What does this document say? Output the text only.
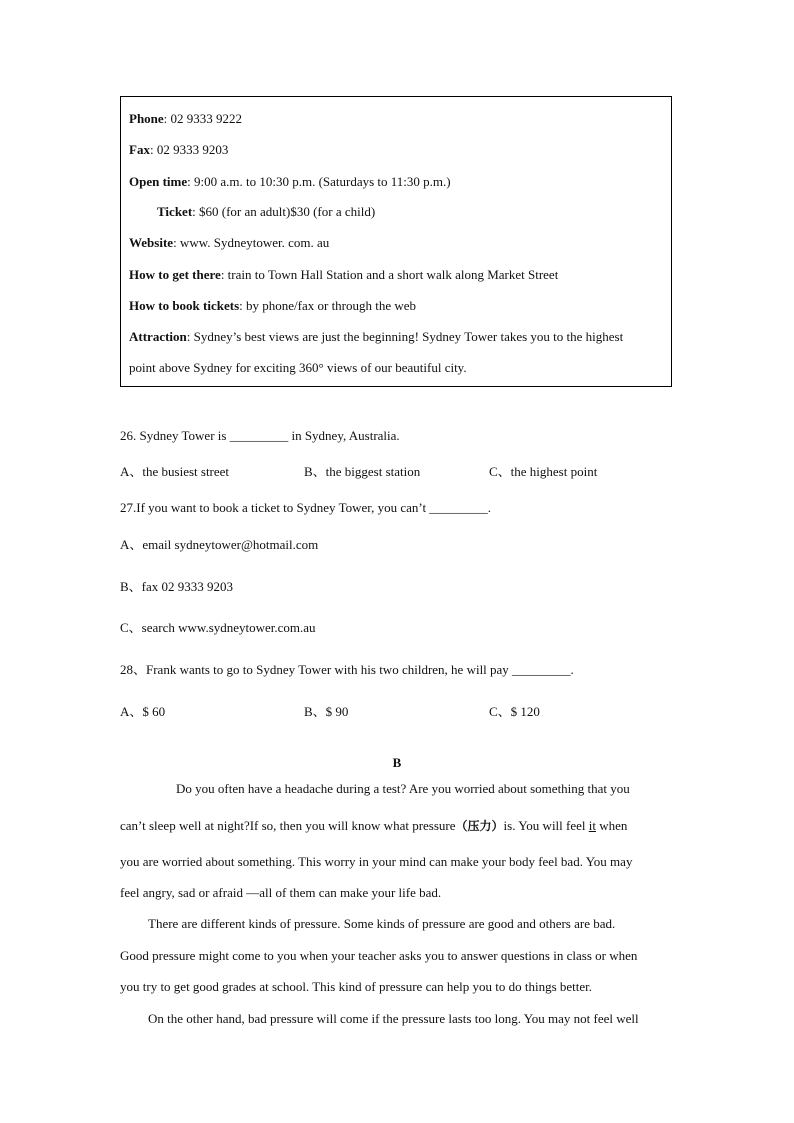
Phone: 02 9333 9222
Fax: 02 9333 9203
Open time: 9:00 a.m. to 10:30 p.m. (Saturdays to 11:30 p.m.)
Ticket: $60 (for an adult)$30 (for a child)
Website: www. Sydneytower. com. au
How to get there: train to Town Hall Station and a short walk along Market Street
How to book tickets: by phone/fax or through the web
Attraction: Sydney’s best views are just the beginning! Sydney Tower takes you to the highest
point above Sydney for exciting 360° views of our beautiful city.
26. Sydney Tower is _________ in Sydney, Australia.
A、the busiest street	B、the biggest station	C、the highest point
27.If you want to book a ticket to Sydney Tower, you can’t _________.
A、email sydneytower@hotmail.com
B、fax 02 9333 9203
C、search www.sydneytower.com.au
28、Frank wants to go to Sydney Tower with his two children, he will pay _________.
A、$ 60	B、$ 90	C、$ 120
B
Do you often have a headache during a test? Are you worried about something that you
can’t sleep well at night?If so, then you will know what pressure（压力）is. You will feel it when
you are worried about something. This worry in your mind can make your body feel bad. You may
feel angry, sad or afraid —all of them can make your life bad.
There are different kinds of pressure. Some kinds of pressure are good and others are bad.
Good pressure might come to you when your teacher asks you to answer questions in class or when
you try to get good grades at school. This kind of pressure can help you to do things better.
On the other hand, bad pressure will come if the pressure lasts too long. You may not feel well
